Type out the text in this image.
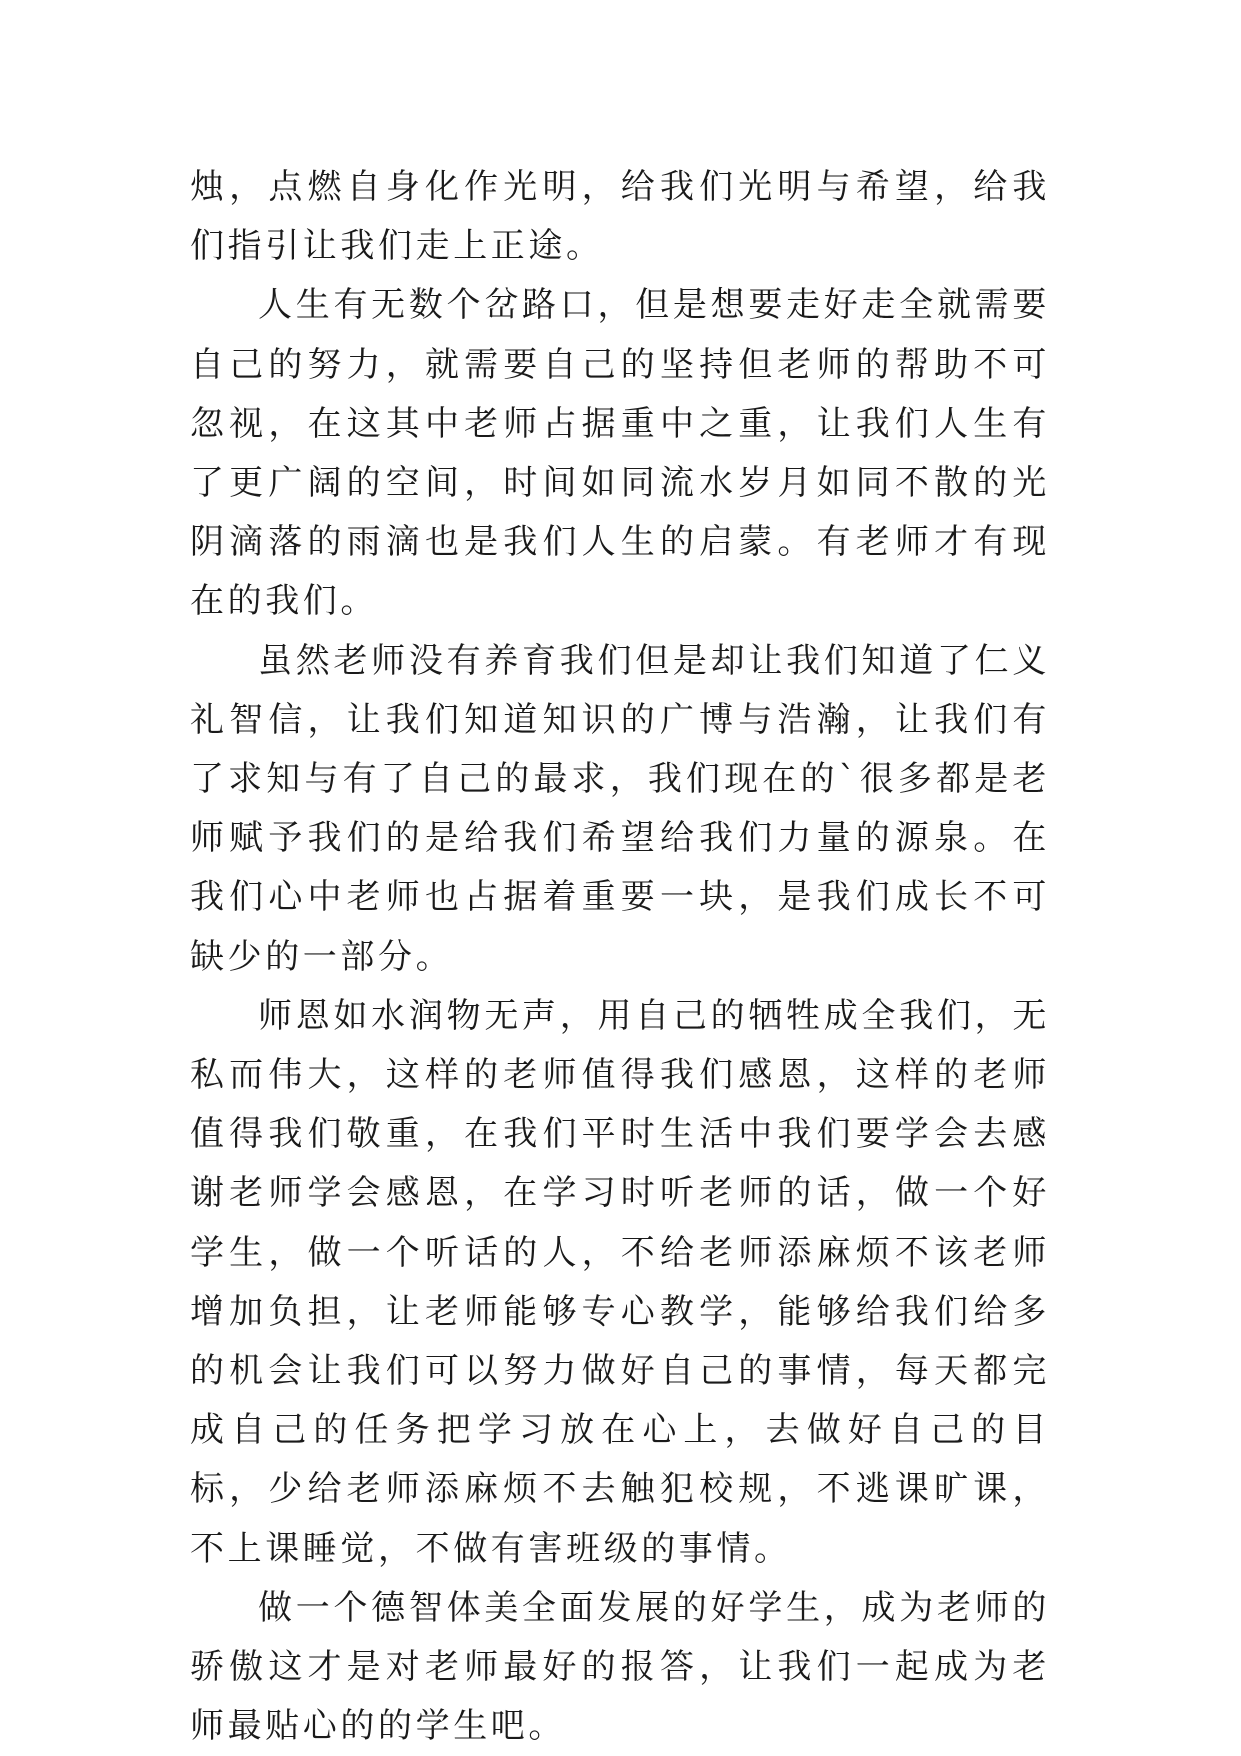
烛，点燃自身化作光明，给我们光明与希望，给我们指引让我们走上正途。

人生有无数个岔路口，但是想要走好走全就需要自己的努力，就需要自己的坚持但老师的帮助不可忽视，在这其中老师占据重中之重，让我们人生有了更广阔的空间，时间如同流水岁月如同不散的光阴滴落的雨滴也是我们人生的启蒙。有老师才有现在的我们。

虽然老师没有养育我们但是却让我们知道了仁义礼智信，让我们知道知识的广博与浩瀚，让我们有了求知与有了自己的最求，我们现在的`很多都是老师赋予我们的是给我们希望给我们力量的源泉。在我们心中老师也占据着重要一块，是我们成长不可缺少的一部分。

师恩如水润物无声，用自己的牺牲成全我们，无私而伟大，这样的老师值得我们感恩，这样的老师值得我们敬重，在我们平时生活中我们要学会去感谢老师学会感恩，在学习时听老师的话，做一个好学生，做一个听话的人，不给老师添麻烦不该老师增加负担，让老师能够专心教学，能够给我们给多的机会让我们可以努力做好自己的事情，每天都完成自己的任务把学习放在心上，去做好自己的目标，少给老师添麻烦不去触犯校规，不逃课旷课，不上课睡觉，不做有害班级的事情。

做一个德智体美全面发展的好学生，成为老师的骄傲这才是对老师最好的报答，让我们一起成为老师最贴心的的学生吧。
